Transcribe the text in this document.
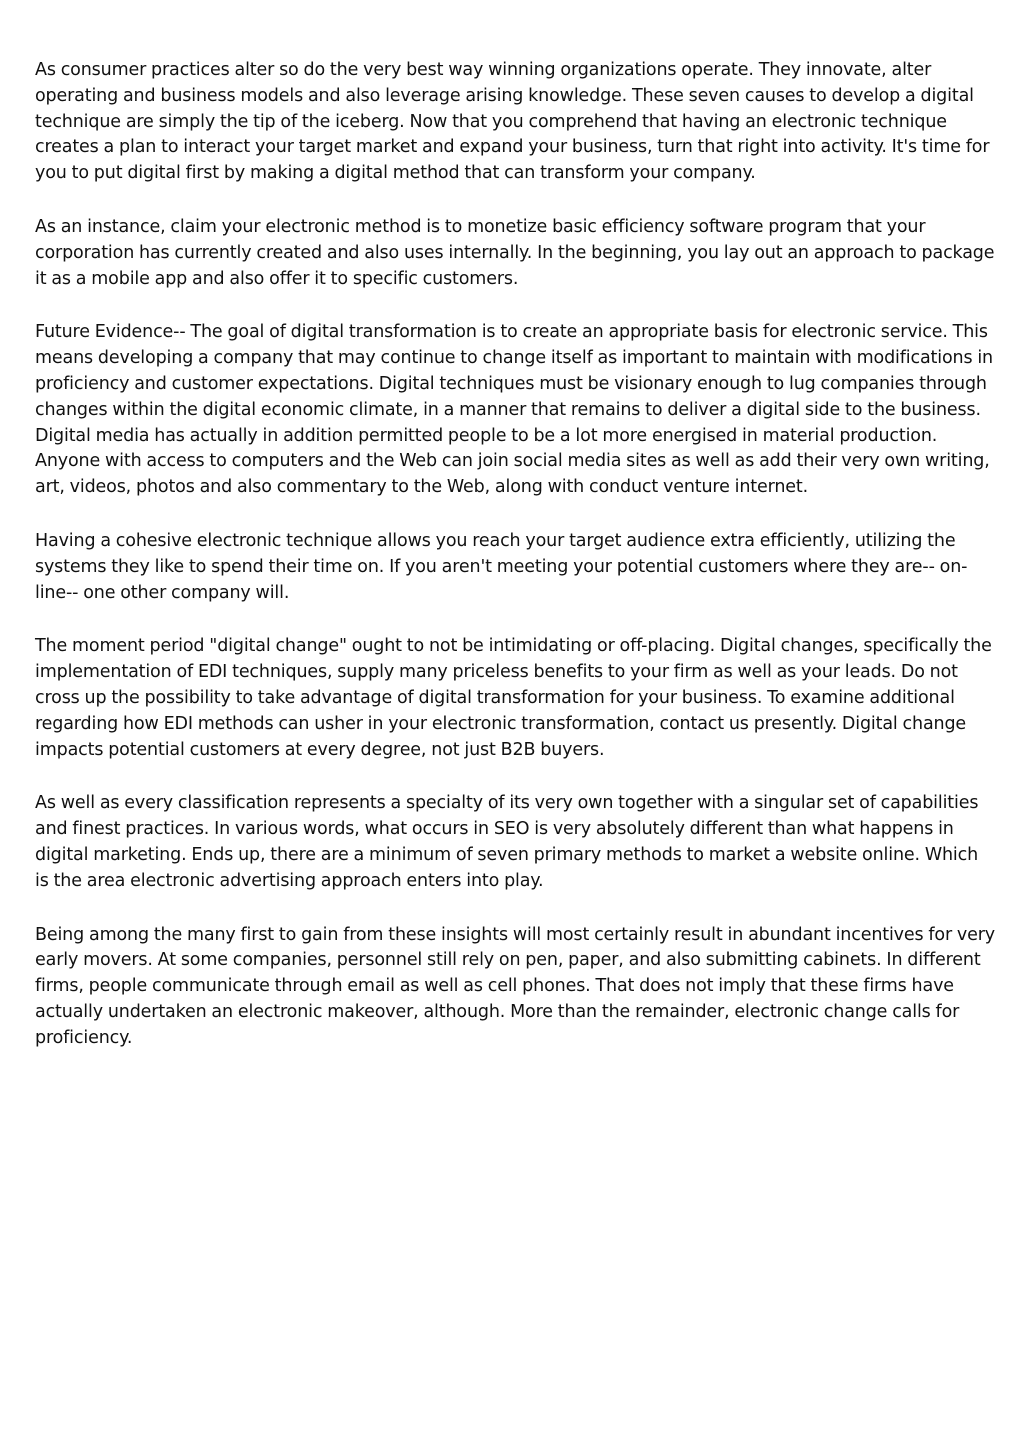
As consumer practices alter so do the very best way winning organizations operate. They innovate, alter operating and business models and also leverage arising knowledge. These seven causes to develop a digital technique are simply the tip of the iceberg. Now that you comprehend that having an electronic technique creates a plan to interact your target market and expand your business, turn that right into activity. It's time for you to put digital first by making a digital method that can transform your company.

As an instance, claim your electronic method is to monetize basic efficiency software program that your corporation has currently created and also uses internally. In the beginning, you lay out an approach to package it as a mobile app and also offer it to specific customers.

Future Evidence-- The goal of digital transformation is to create an appropriate basis for electronic service. This means developing a company that may continue to change itself as important to maintain with modifications in proficiency and customer expectations. Digital techniques must be visionary enough to lug companies through changes within the digital economic climate, in a manner that remains to deliver a digital side to the business. Digital media has actually in addition permitted people to be a lot more energised in material production. Anyone with access to computers and the Web can join social media sites as well as add their very own writing, art, videos, photos and also commentary to the Web, along with conduct venture internet.

Having a cohesive electronic technique allows you reach your target audience extra efficiently, utilizing the systems they like to spend their time on. If you aren't meeting your potential customers where they are-- on-line-- one other company will.

The moment period "digital change" ought to not be intimidating or off-placing. Digital changes, specifically the implementation of EDI techniques, supply many priceless benefits to your firm as well as your leads. Do not cross up the possibility to take advantage of digital transformation for your business. To examine additional regarding how EDI methods can usher in your electronic transformation, contact us presently. Digital change impacts potential customers at every degree, not just B2B buyers.

As well as every classification represents a specialty of its very own together with a singular set of capabilities and finest practices. In various words, what occurs in SEO is very absolutely different than what happens in digital marketing. Ends up, there are a minimum of seven primary methods to market a website online. Which is the area electronic advertising approach enters into play.

Being among the many first to gain from these insights will most certainly result in abundant incentives for very early movers. At some companies, personnel still rely on pen, paper, and also submitting cabinets. In different firms, people communicate through email as well as cell phones. That does not imply that these firms have actually undertaken an electronic makeover, although. More than the remainder, electronic change calls for proficiency.
